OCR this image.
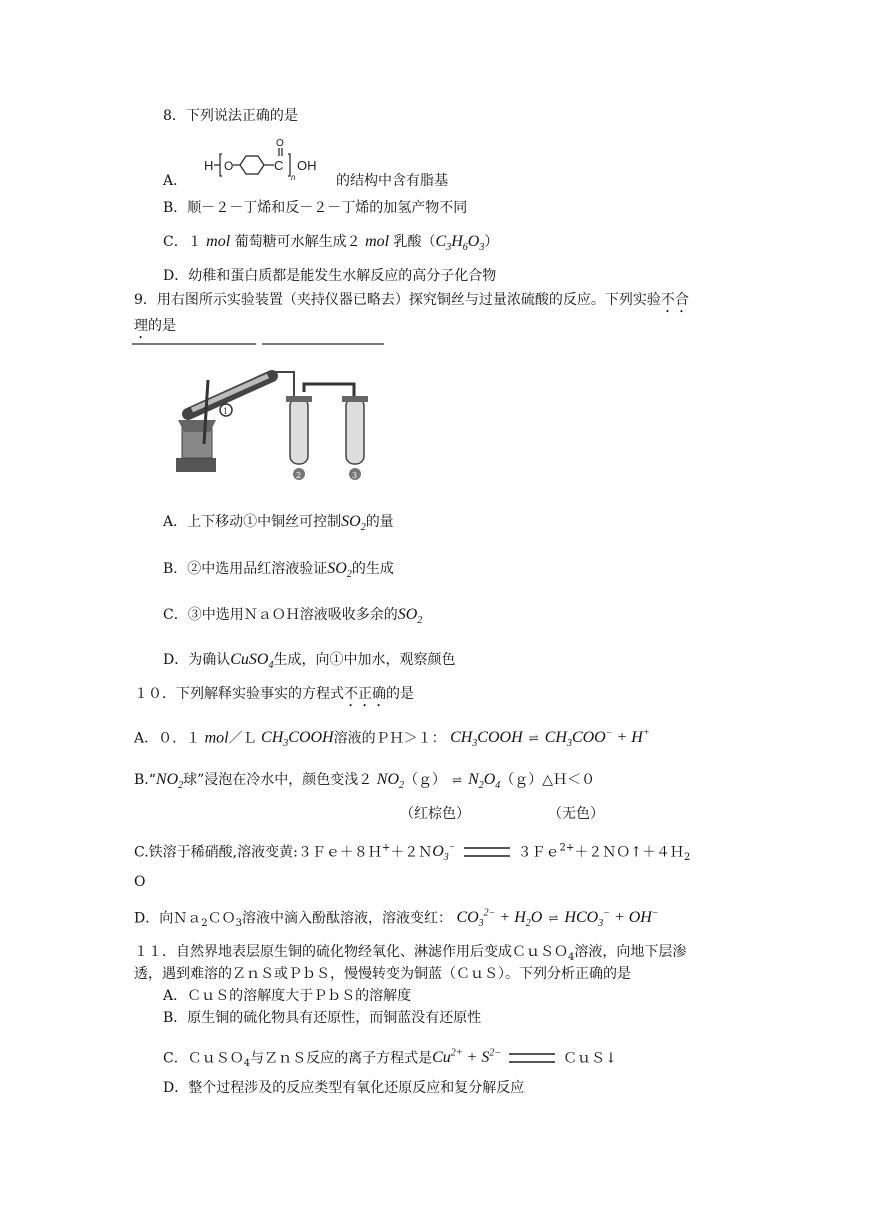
8．下列说法正确的是
A．
H O	C
O
n
OH
的结构中含有脂基
B．顺－２－丁烯和反－２－丁烯的加氢产物不同
C．１ mol 葡萄糖可水解生成２ mol 乳酸$(C_3H_6O_3)$
D．幼稚和蛋白质都是能发生水解反应的高分子化合物
9．用右图所示实验装置（夹持仪器已略去）探究铜丝与过量浓硫酸的反应。下列实验不合
理的是
1
2	3
A．上下移动①中铜丝可控制$SO_2$的量
B．②中选用品红溶液验证$SO_2$的生成
C．③中选用ＮａＯＨ溶液吸收多余的$SO_2$
D．为确认CuSO$_4$生成，向①中加水，观察颜色
１０．下列解释实验事实的方程式不正确的是
A．０．１ mol／Ｌ $CH_3COOH$溶液的ＰＨ＞１： $CH_3COOH$ ⇌ $CH_3COO^- + H^+$
$B.“NO_2$球”浸泡在冷水中，颜色变浅２ $NO_2(g)$ ⇌ $N_2O_4(g)\triangle H<0$
（红棕色）	（无色）
C.铁溶于稀硝酸,溶液变黄:３Ｆｅ＋８Ｈ+＋２ＮO$_3$−	３Ｆｅ$^{2+}$＋２ＮＯ↑＋４Ｈ$_2$
O
D．向Ｎａ$_2$ＣＯ$_3$溶液中滴入酚酞溶液，溶液变红： $CO_3^{2-} + H_2O$ ⇌ $HCO_3^- + OH^-$
１１．自然界地表层原生铜的硫化物经氧化、淋滤作用后变成ＣｕＳＯ$_4$溶液，向地下层渗
透，遇到难溶的ＺｎＳ或ＰｂＳ，慢慢转变为铜蓝（ＣｕＳ）。下列分析正确的是
A．ＣｕＳ的溶解度大于ＰｂＳ的溶解度
B．原生铜的硫化物具有还原性，而铜蓝没有还原性
C．ＣｕＳＯ$_4$与ＺｎＳ反应的离子方程式是$Cu^{2+} + S^{2-}$	ＣｕＳ↓
D．整个过程涉及的反应类型有氧化还原反应和复分解反应
